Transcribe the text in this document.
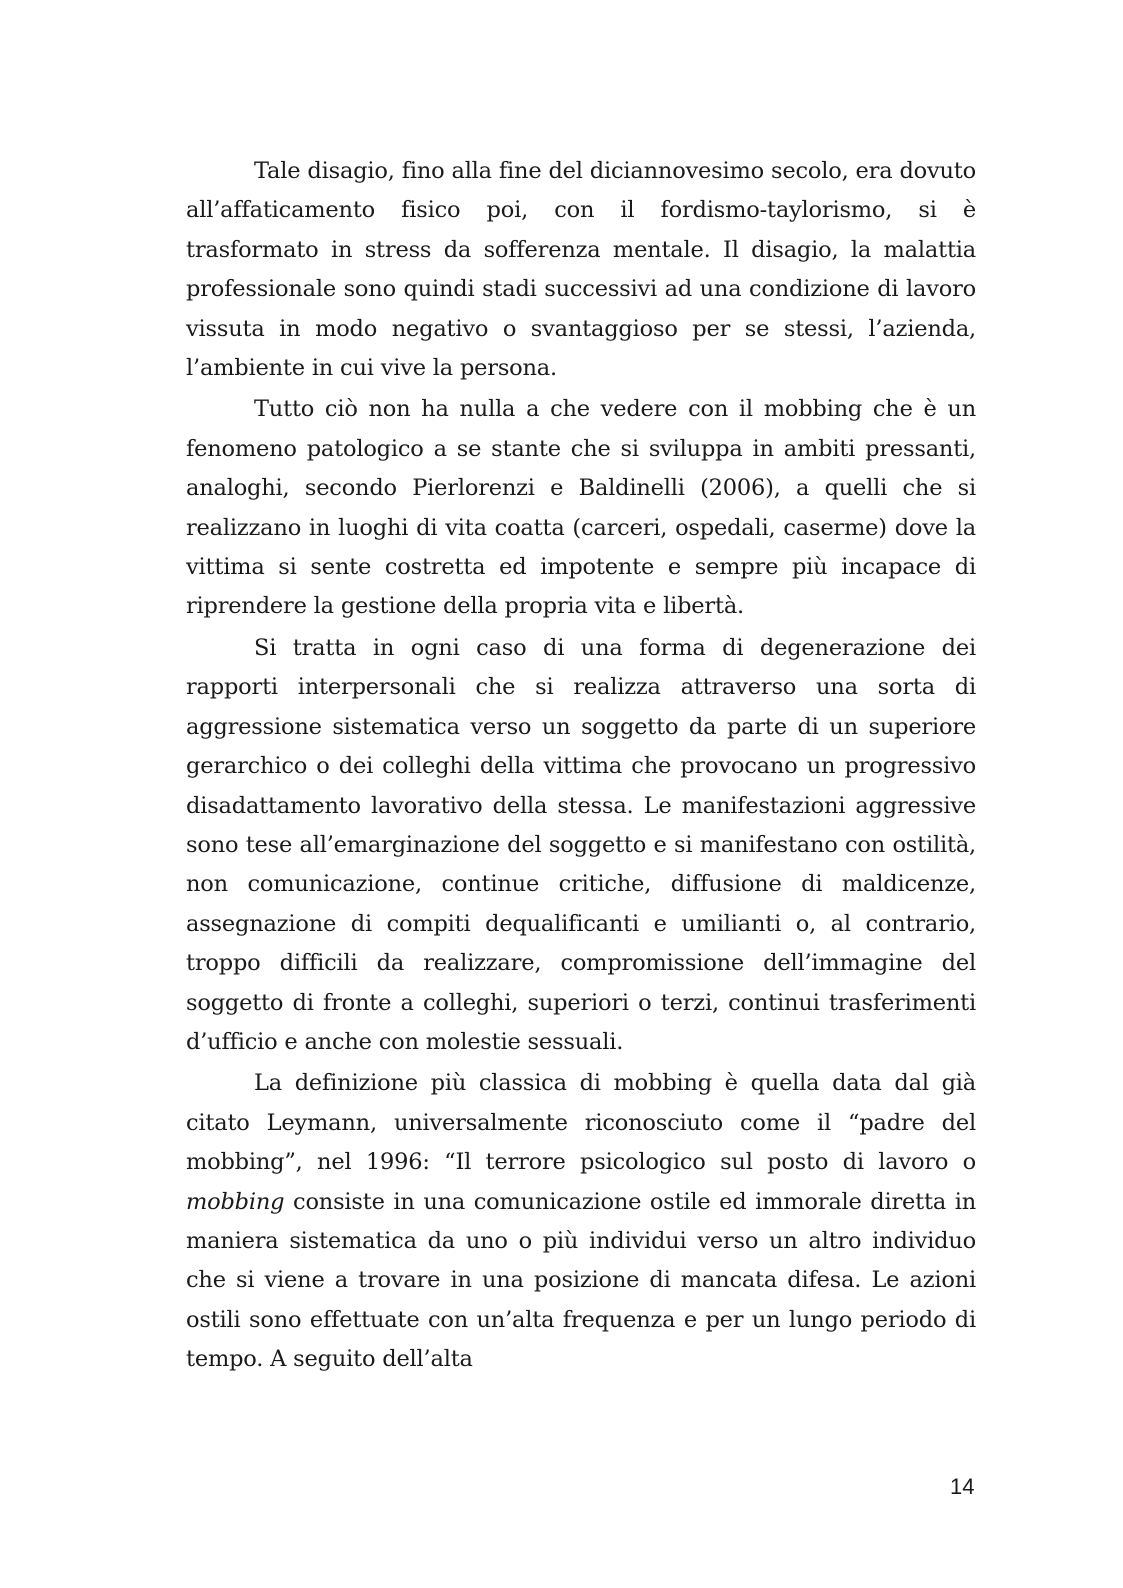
Tale disagio, fino alla fine del diciannovesimo secolo, era dovuto all’affaticamento fisico poi, con il fordismo-taylorismo, si è trasformato in stress da sofferenza mentale. Il disagio, la malattia professionale sono quindi stadi successivi ad una condizione di lavoro vissuta in modo negativo o svantaggioso per se stessi, l’azienda, l’ambiente in cui vive la persona.

Tutto ciò non ha nulla a che vedere con il mobbing che è un fenomeno patologico a se stante che si sviluppa in ambiti pressanti, analoghi, secondo Pierlorenzi e Baldinelli (2006), a quelli che si realizzano in luoghi di vita coatta (carceri, ospedali, caserme) dove la vittima si sente costretta ed impotente e sempre più incapace di riprendere la gestione della propria vita e libertà.

Si tratta in ogni caso di una forma di degenerazione dei rapporti interpersonali che si realizza attraverso una sorta di aggressione sistematica verso un soggetto da parte di un superiore gerarchico o dei colleghi della vittima che provocano un progressivo disadattamento lavorativo della stessa. Le manifestazioni aggressive sono tese all’emarginazione del soggetto e si manifestano con ostilità, non comunicazione, continue critiche, diffusione di maldicenze, assegnazione di compiti dequalificanti e umilianti o, al contrario, troppo difficili da realizzare, compromissione dell’immagine del soggetto di fronte a colleghi, superiori o terzi, continui trasferimenti d’ufficio e anche con molestie sessuali.

La definizione più classica di mobbing è quella data dal già citato Leymann, universalmente riconosciuto come il “padre del mobbing”, nel 1996: “Il terrore psicologico sul posto di lavoro o mobbing consiste in una comunicazione ostile ed immorale diretta in maniera sistematica da uno o più individui verso un altro individuo che si viene a trovare in una posizione di mancata difesa. Le azioni ostili sono effettuate con un’alta frequenza e per un lungo periodo di tempo. A seguito dell’alta

14
